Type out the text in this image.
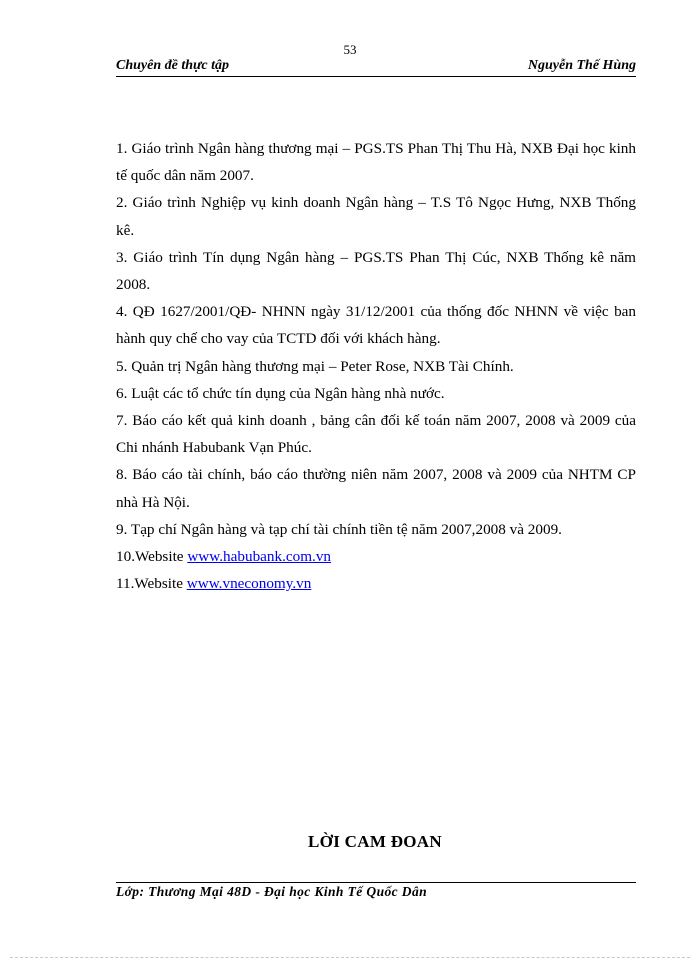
53
Chuyên đề thực tập	Nguyễn Thế Hùng
1. Giáo trình Ngân hàng thương mại – PGS.TS Phan Thị Thu Hà, NXB Đại học kinh tế quốc dân năm 2007.
2. Giáo trình Nghiệp vụ kinh doanh Ngân hàng – T.S Tô Ngọc Hưng, NXB Thống kê.
3. Giáo trình Tín dụng Ngân hàng – PGS.TS Phan Thị Cúc, NXB Thống kê năm 2008.
4. QĐ 1627/2001/QĐ- NHNN ngày 31/12/2001 của thống đốc NHNN về việc ban hành quy chế cho vay của TCTD đối với khách hàng.
5. Quản trị Ngân hàng thương mại – Peter Rose, NXB Tài Chính.
6. Luật các tổ chức tín dụng của Ngân hàng nhà nước.
7. Báo cáo kết quả kinh doanh , bảng cân đối kế toán năm 2007, 2008 và 2009 của Chi nhánh Habubank Vạn Phúc.
8. Báo cáo tài chính, báo cáo thường niên năm 2007, 2008 và 2009 của NHTM CP nhà Hà Nội.
9. Tạp chí Ngân hàng và tạp chí tài chính tiền tệ năm 2007,2008 và 2009.
10.Website www.habubank.com.vn
11.Website www.vneconomy.vn
LỜI CAM ĐOAN
Lớp: Thương Mại 48D - Đại học Kinh Tế Quốc Dân
